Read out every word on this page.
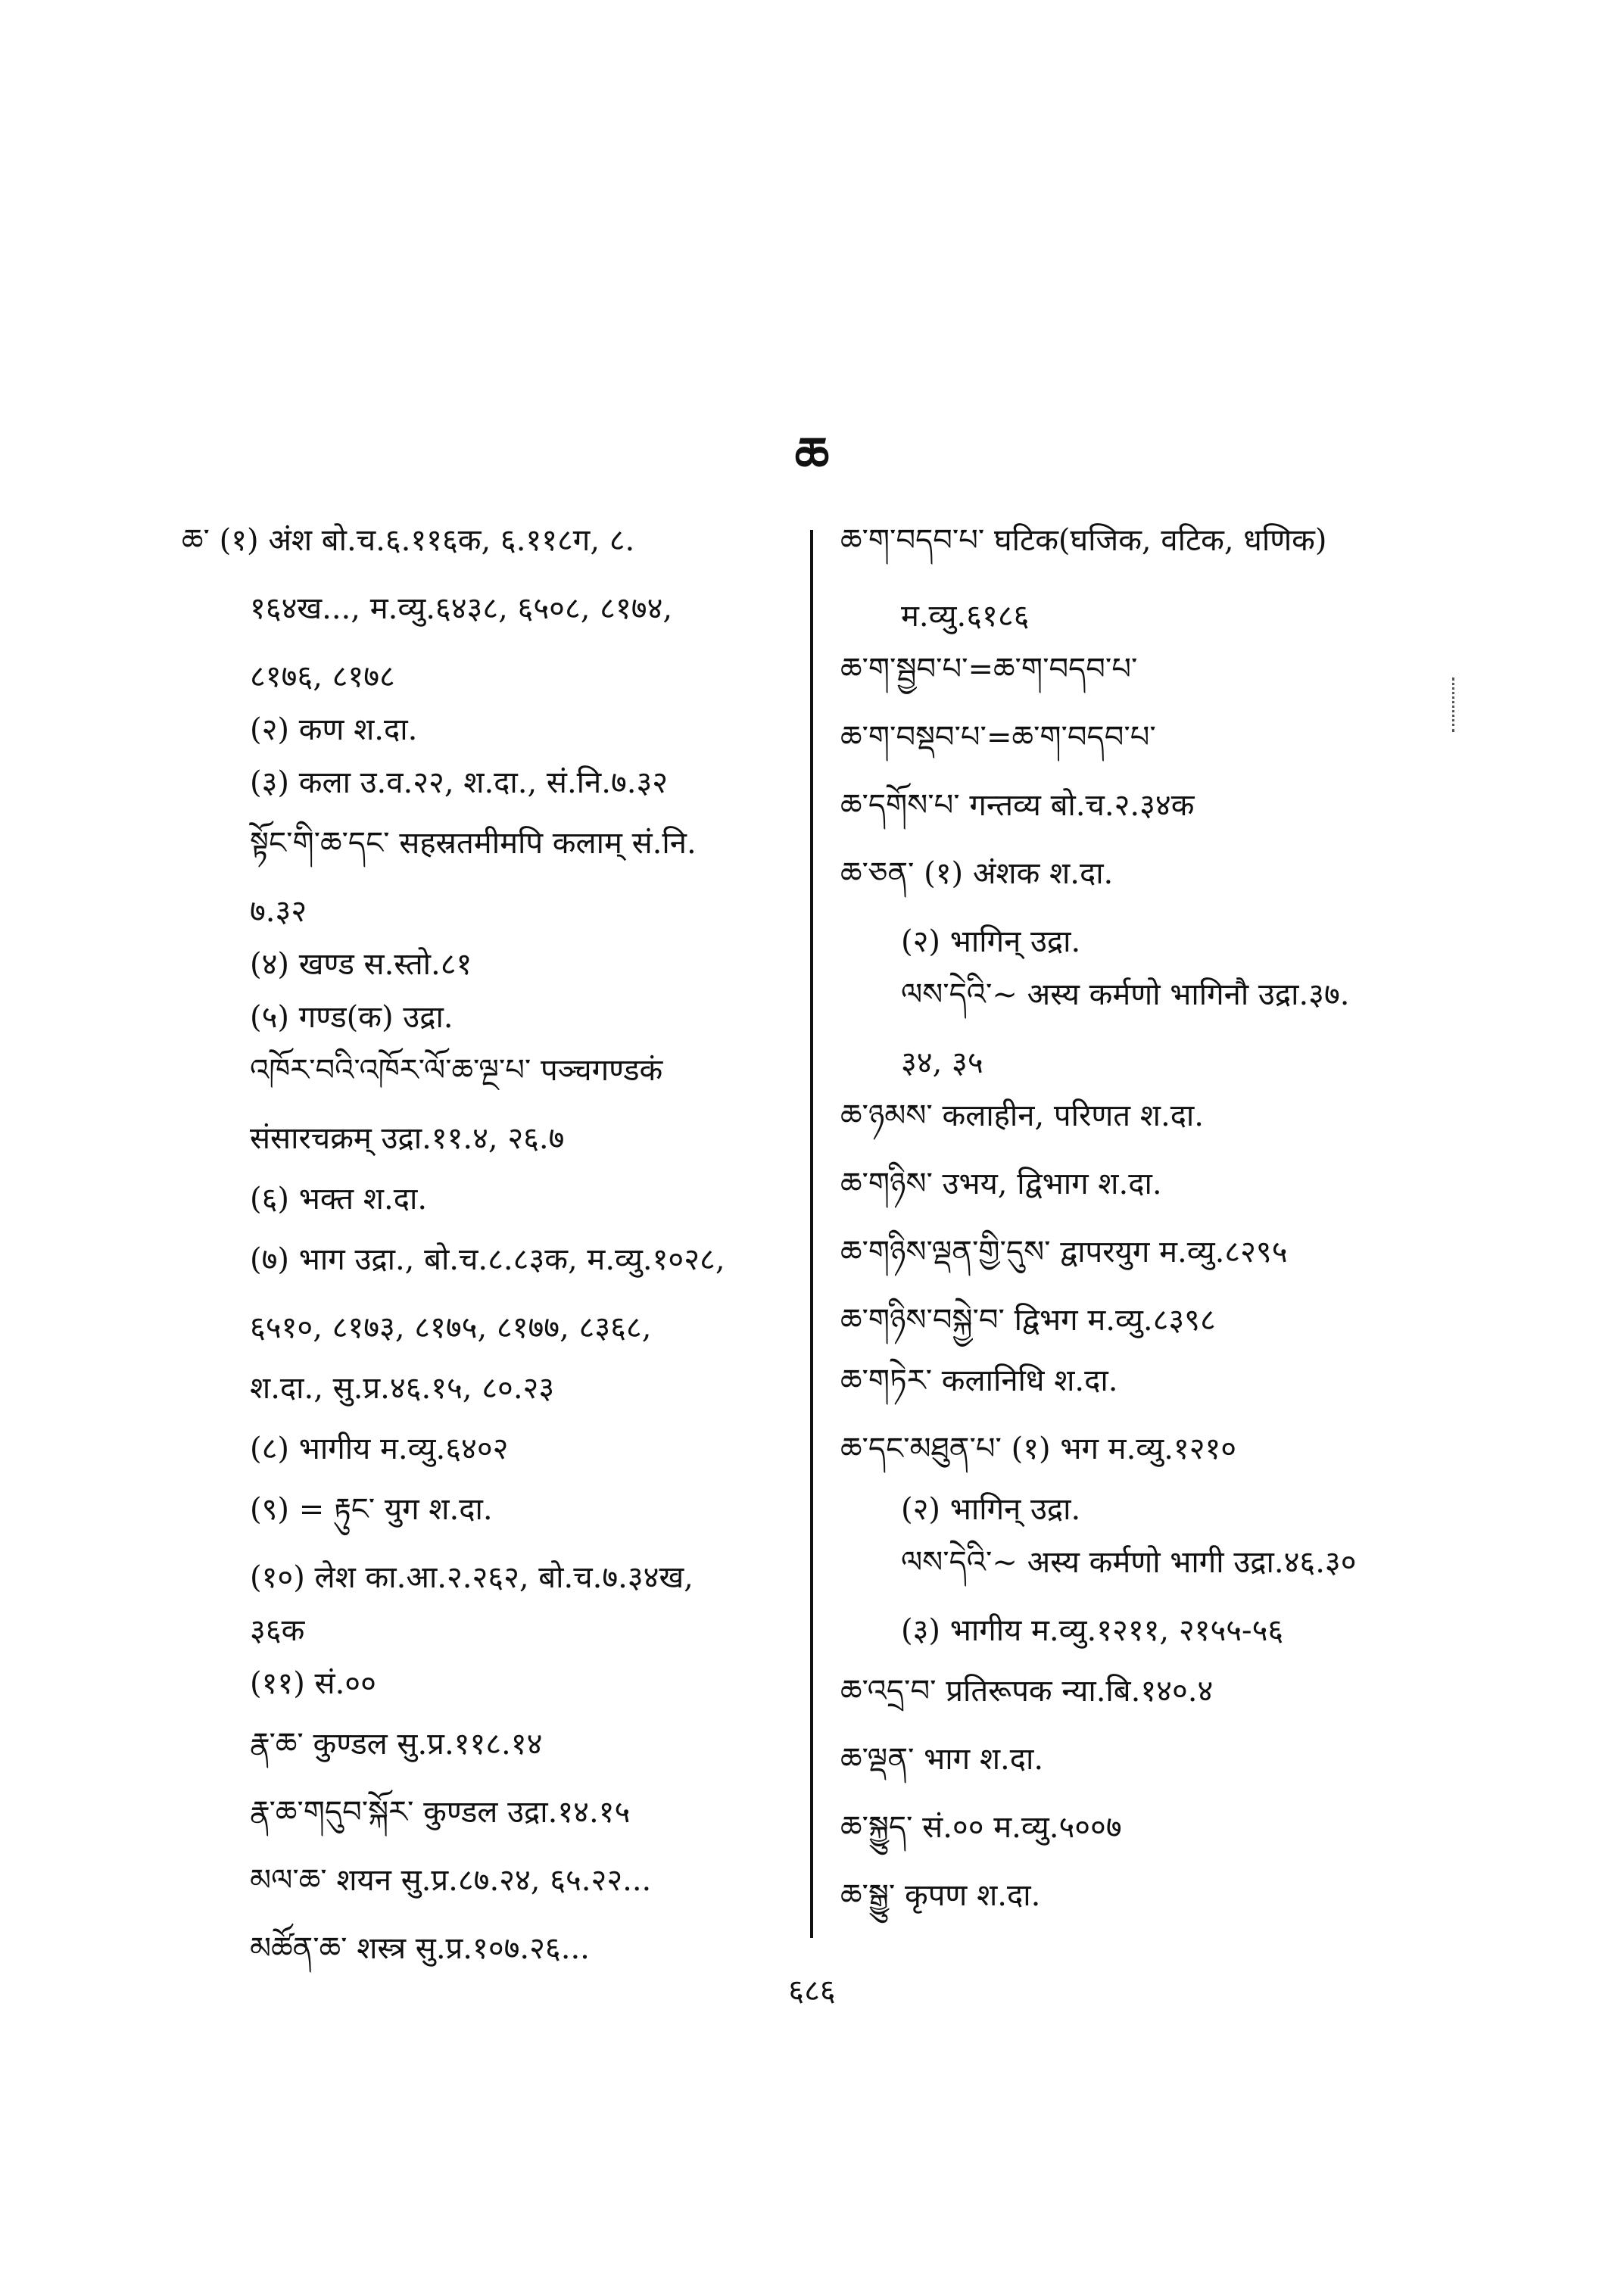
ཆ
ཆ་ (१) अंश बो.च.६.११६क, ६.११८ग, ८.
१६४ख..., म.व्यु.६४३८, ६५०८, ८१७४,
८१७६, ८१७८
(२) कण श.दा.
(३) कला उ.व.२२, श.दा., सं.नि.७.३२
སྟོང་གི་ཆ་དང་ सहस्रतमीमपि कलाम् सं.नि.
७.३२
(४) खण्ड स.स्तो.८१
(५) गण्ड(क) उद्रा.
འཁོར་བའི་འཁོར་ལོ་ཆ་ལྔ་པ་ पञ्चगण्डकं
संसारचक्रम् उद्रा.११.४, २६.७
(६) भक्त श.दा.
(७) भाग उद्रा., बो.च.८.८३क, म.व्यु.१०२८,
६५१०, ८१७३, ८१७५, ८१७७, ८३६८,
श.दा., सु.प्र.४६.१५, ८०.२३
(८) भागीय म.व्यु.६४०२
(९) = རྟུང་ युग श.दा.
(१०) लेश का.आ.२.२६२, बो.च.७.३४ख,
३६क
(११) सं.००
རྣ་ཆ་ कुण्डल सु.प्र.११८.१४
རྣ་ཆ་གདུབ་སྐོར་ कुण्डल उद्रा.१४.१५
མལ་ཆ་ शयन सु.प्र.८७.२४, ६५.२२...
མཚོན་ཆ་ शस्त्र सु.प्र.१०७.२६...
ཆ་ག་བདབ་པ་ घटिक(घजिक, वटिक, धणिक)
म.व्यु.६१८६
ཆ་ག་སྦྱབ་པ་=ཆ་ག་བདབ་པ་
ཆ་ག་བསྡབ་པ་=ཆ་ག་བདབ་པ་
ཆ་དགོས་པ་ गन्तव्य बो.च.२.३४क
ཆ་ཅན་ (१) अंशक श.दा.
(२) भागिन् उद्रा.
ལས་དེའི་~ अस्य कर्मणो भागिनौ उद्रा.३७.
३४, ३५
ཆ་ཉམས་ कलाहीन, परिणत श.दा.
ཆ་གཉིས་ उभय, द्विभाग श.दा.
ཆ་གཉིས་ལྡན་གྱི་དུས་ द्वापरयुग म.व्यु.८२९५
ཆ་གཉིས་བསྐྱེ་བ་ द्विभग म.व्यु.८३९८
ཆ་གཏེར་ कलानिधि श.दा.
ཆ་དང་མཐུན་པ་ (१) भग म.व्यु.१२१०
(२) भागिन् उद्रा.
ལས་དེའི་~ अस्य कर्मणो भागी उद्रा.४६.३०
(३) भागीय म.व्यु.१२११, २१५५-५६
ཆ་འདྲ་བ་ प्रतिरूपक न्या.बि.१४०.४
ཆ་ལྡན་ भाग श.दा.
ཆ་སྐྱུད་ सं.०० म.व्यु.५००७
ཆ་སྒྱུ་ कृपण श.दा.
६८६
